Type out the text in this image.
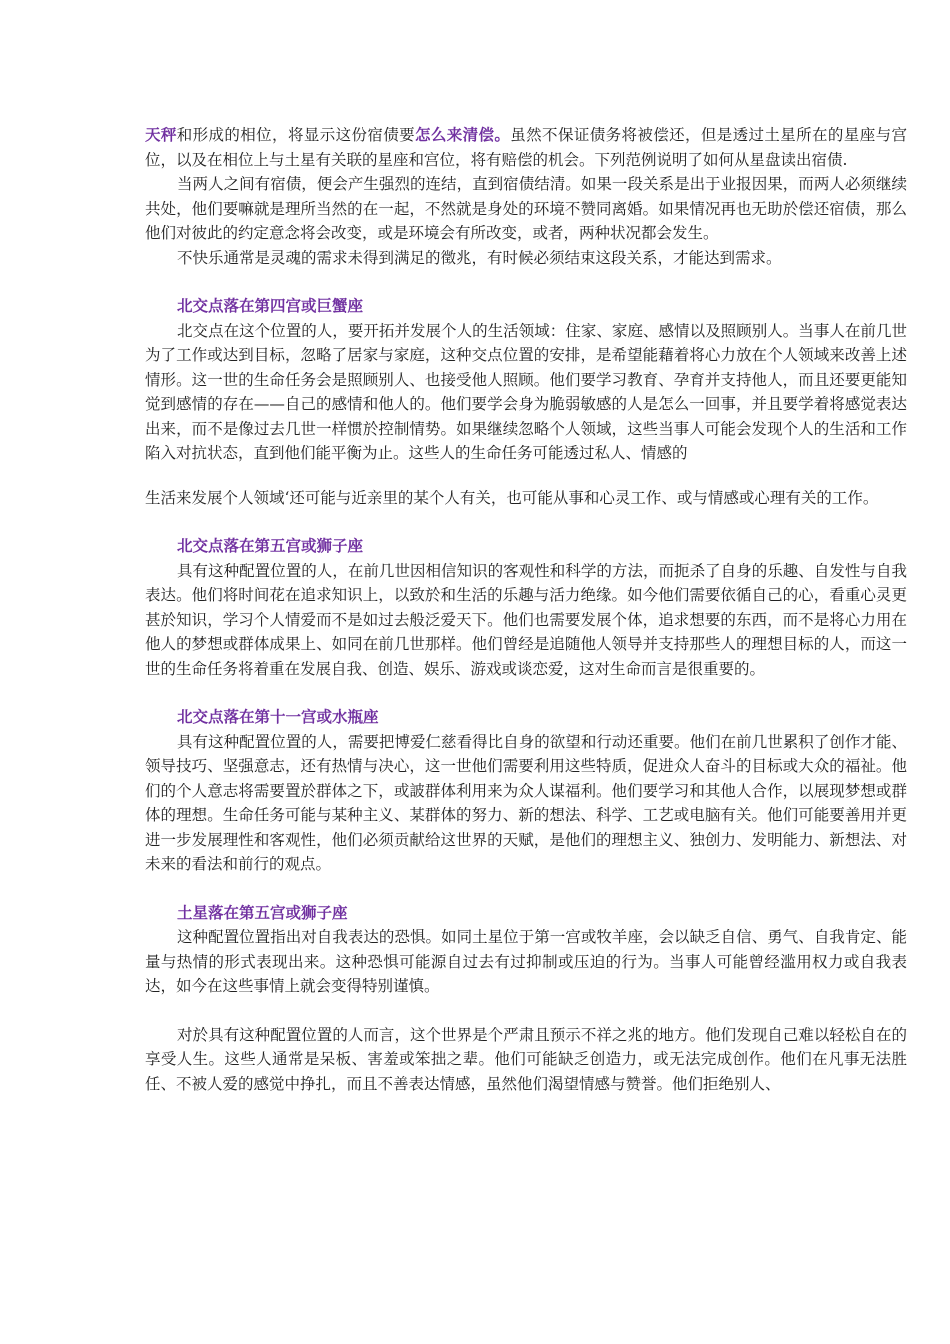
天秤和形成的相位，将显示这份宿债要怎么来清偿。虽然不保证债务将被偿还，但是透过土星所在的星座与宫位，以及在相位上与土星有关联的星座和宫位，将有赔偿的机会。下列范例说明了如何从星盘读出宿债.

当两人之间有宿债，便会产生强烈的连结，直到宿债结清。如果一段关系是出于业报因果，而两人必须继续共处，他们要嘛就是理所当然的在一起，不然就是身处的环境不赞同离婚。如果情况再也无助於偿还宿债，那么他们对彼此的约定意念将会改变，或是环境会有所改变，或者，两种状况都会发生。

不快乐通常是灵魂的需求未得到满足的徵兆，有时候必须结束这段关系，才能达到需求。

北交点落在第四宫或巨蟹座

北交点在这个位置的人，要开拓并发展个人的生活领域：住家、家庭、感情以及照顾别人。当事人在前几世为了工作或达到目标，忽略了居家与家庭，这种交点位置的安排，是希望能藉着将心力放在个人领域来改善上述情形。这一世的生命任务会是照顾别人、也接受他人照顾。他们要学习教育、孕育并支持他人，而且还要更能知觉到感情的存在——自己的感情和他人的。他们要学会身为脆弱敏感的人是怎么一回事，并且要学着将感觉表达出来，而不是像过去几世一样惯於控制情势。如果继续忽略个人领域，这些当事人可能会发现个人的生活和工作陷入对抗状态，直到他们能平衡为止。这些人的生命任务可能透过私人、情感的

生活来发展个人领域‘还可能与近亲里的某个人有关，也可能从事和心灵工作、或与情感或心理有关的工作。

北交点落在第五宫或狮子座

具有这种配置位置的人，在前几世因相信知识的客观性和科学的方法，而扼杀了自身的乐趣、自发性与自我表达。他们将时间花在追求知识上，以致於和生活的乐趣与活力绝缘。如今他们需要依循自己的心，看重心灵更甚於知识，学习个人情爱而不是如过去般泛爱天下。他们也需要发展个体，追求想要的东西，而不是将心力用在他人的梦想或群体成果上、如同在前几世那样。他们曾经是追随他人领导并支持那些人的理想目标的人，而这一世的生命任务将着重在发展自我、创造、娱乐、游戏或谈恋爱，这对生命而言是很重要的。

北交点落在第十一宫或水瓶座

具有这种配置位置的人，需要把博爱仁慈看得比自身的欲望和行动还重要。他们在前几世累积了创作才能、领导技巧、坚强意志，还有热情与决心，这一世他们需要利用这些特质，促进众人奋斗的目标或大众的福祉。他们的个人意志将需要置於群体之下，或詖群体利用来为众人谋福利。他们要学习和其他人合作，以展现梦想或群体的理想。生命任务可能与某种主义、某群体的努力、新的想法、科学、工艺或电脑有关。他们可能要善用并更进一步发展理性和客观性，他们必须贡献给这世界的天赋，是他们的理想主义、独创力、发明能力、新想法、对未来的看法和前行的观点。

土星落在第五宫或狮子座

这种配置位置指出对自我表达的恐惧。如同土星位于第一宫或牧羊座，会以缺乏自信、勇气、自我肯定、能量与热情的形式表现出来。这种恐惧可能源自过去有过抑制或压迫的行为。当事人可能曾经滥用权力或自我表达，如今在这些事情上就会变得特别谨慎。

对於具有这种配置位置的人而言，这个世界是个严肃且预示不祥之兆的地方。他们发现自己难以轻松自在的享受人生。这些人通常是呆板、害羞或笨拙之辈。他们可能缺乏创造力，或无法完成创作。他们在凡事无法胜任、不被人爱的感觉中挣扎，而且不善表达情感，虽然他们渴望情感与赞誉。他们拒绝别人、
